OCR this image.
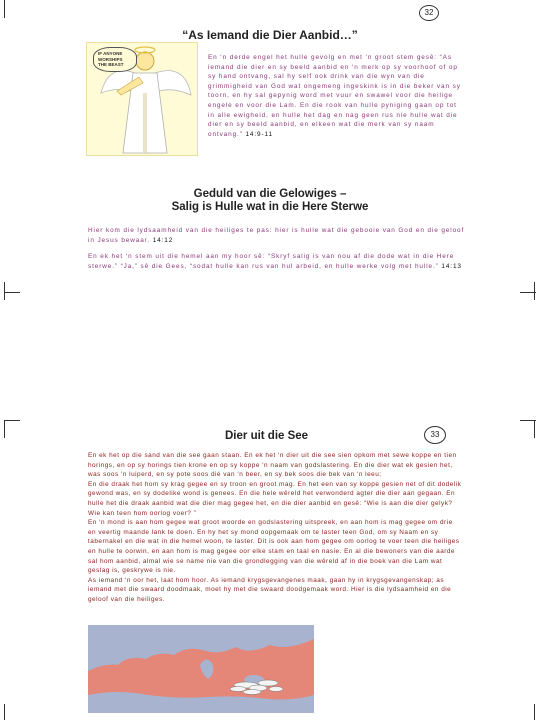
32
“As Iemand die Dier Aanbid…”
IF ANYONE WORSHIPS THE BEAST
En ‘n derde engel het hulle gevolg en met ‘n groot stem gesê: “As iemand die dier en sy beeld aanbid en ‘n merk op sy voorhoof of op sy hand ontvang, sal hy self ook drink van die wyn van die grimmigheid van God wat ongemeng ingeskink is in die beker van sy toorn, en hy sal gepynig word met vuur en swawel voor die heilige engele en voor die Lam. En die rook van hulle pyniging gaan op tot in alle ewigheid, en hulle het dag en nag geen rus nie hulle wat die dier en sy beeld aanbid, en elkeen wat die merk van sy naam ontvang.” 14:9-11
Geduld van die Gelowiges –
Salig is Hulle wat in die Here Sterwe
Hier kom die lydsaamheid van die heiliges te pas: hier is hulle wat die gebooie van God en die geloof in Jesus bewaar. 14:12
En ek het ‘n stem uit die hemel aan my hoor sê: “Skryf salig is van nou af die dode wat in die Here sterwe.” “Ja,” sê die Gees, “sodat hulle kan rus van hul arbeid, en hulle werke volg met hulle.” 14:13
Dier uit die See	33
En ek het op die sand van die see gaan staan. En ek het ‘n dier uit die see sien opkom met sewe koppe en tien horings, en op sy horings tien krone en op sy koppe ‘n naam van godslastering. En die dier wat ek gesien het, was soos ‘n luiperd, en sy pote soos dié van ‘n beer, en sy bek soos die bek van ‘n leeu;
En die draak het hom sy krag gegee en sy troon en groot mag. En het een van sy koppe gesien net of dit dodelik gewond was, en sy dodelike wond is genees. En die hele wêreld het verwonderd agter die dier aan gegaan. En hulle het die draak aanbid wat die dier mag gegee het, en die dier aanbid en gesê: “Wie is aan die dier gelyk? Wie kan teen hom oorlog voer? ”
En ‘n mond is aan hom gegee wat groot woorde en godslastering uitspreek, en aan hom is mag gegee om drie en veertig maande lank te doen. En hy het sy mond oopgemaak om te laster teen God, om sy Naam en sy tabernakel en die wat in die hemel woon, te laster. Dit is ook aan hom gegee om oorlog te voer teen die heiliges en hulle te oorwin, en aan hom is mag gegee oor elke stam en taal en nasie. En al die bewoners van die aarde sal hom aanbid, almal wie se name nie van die grondlegging van die wêreld af in die boek van die Lam wat geslag is, geskrywe is nie.
As iemand ‘n oor het, laat hom hoor. As iemand krygsgevangenes maak, gaan hy in krygsgevangenskap; as iemand met die swaard doodmaak, moet hy met die swaard doodgemaak word. Hier is die lydsaamheid en die geloof van die heiliges.
